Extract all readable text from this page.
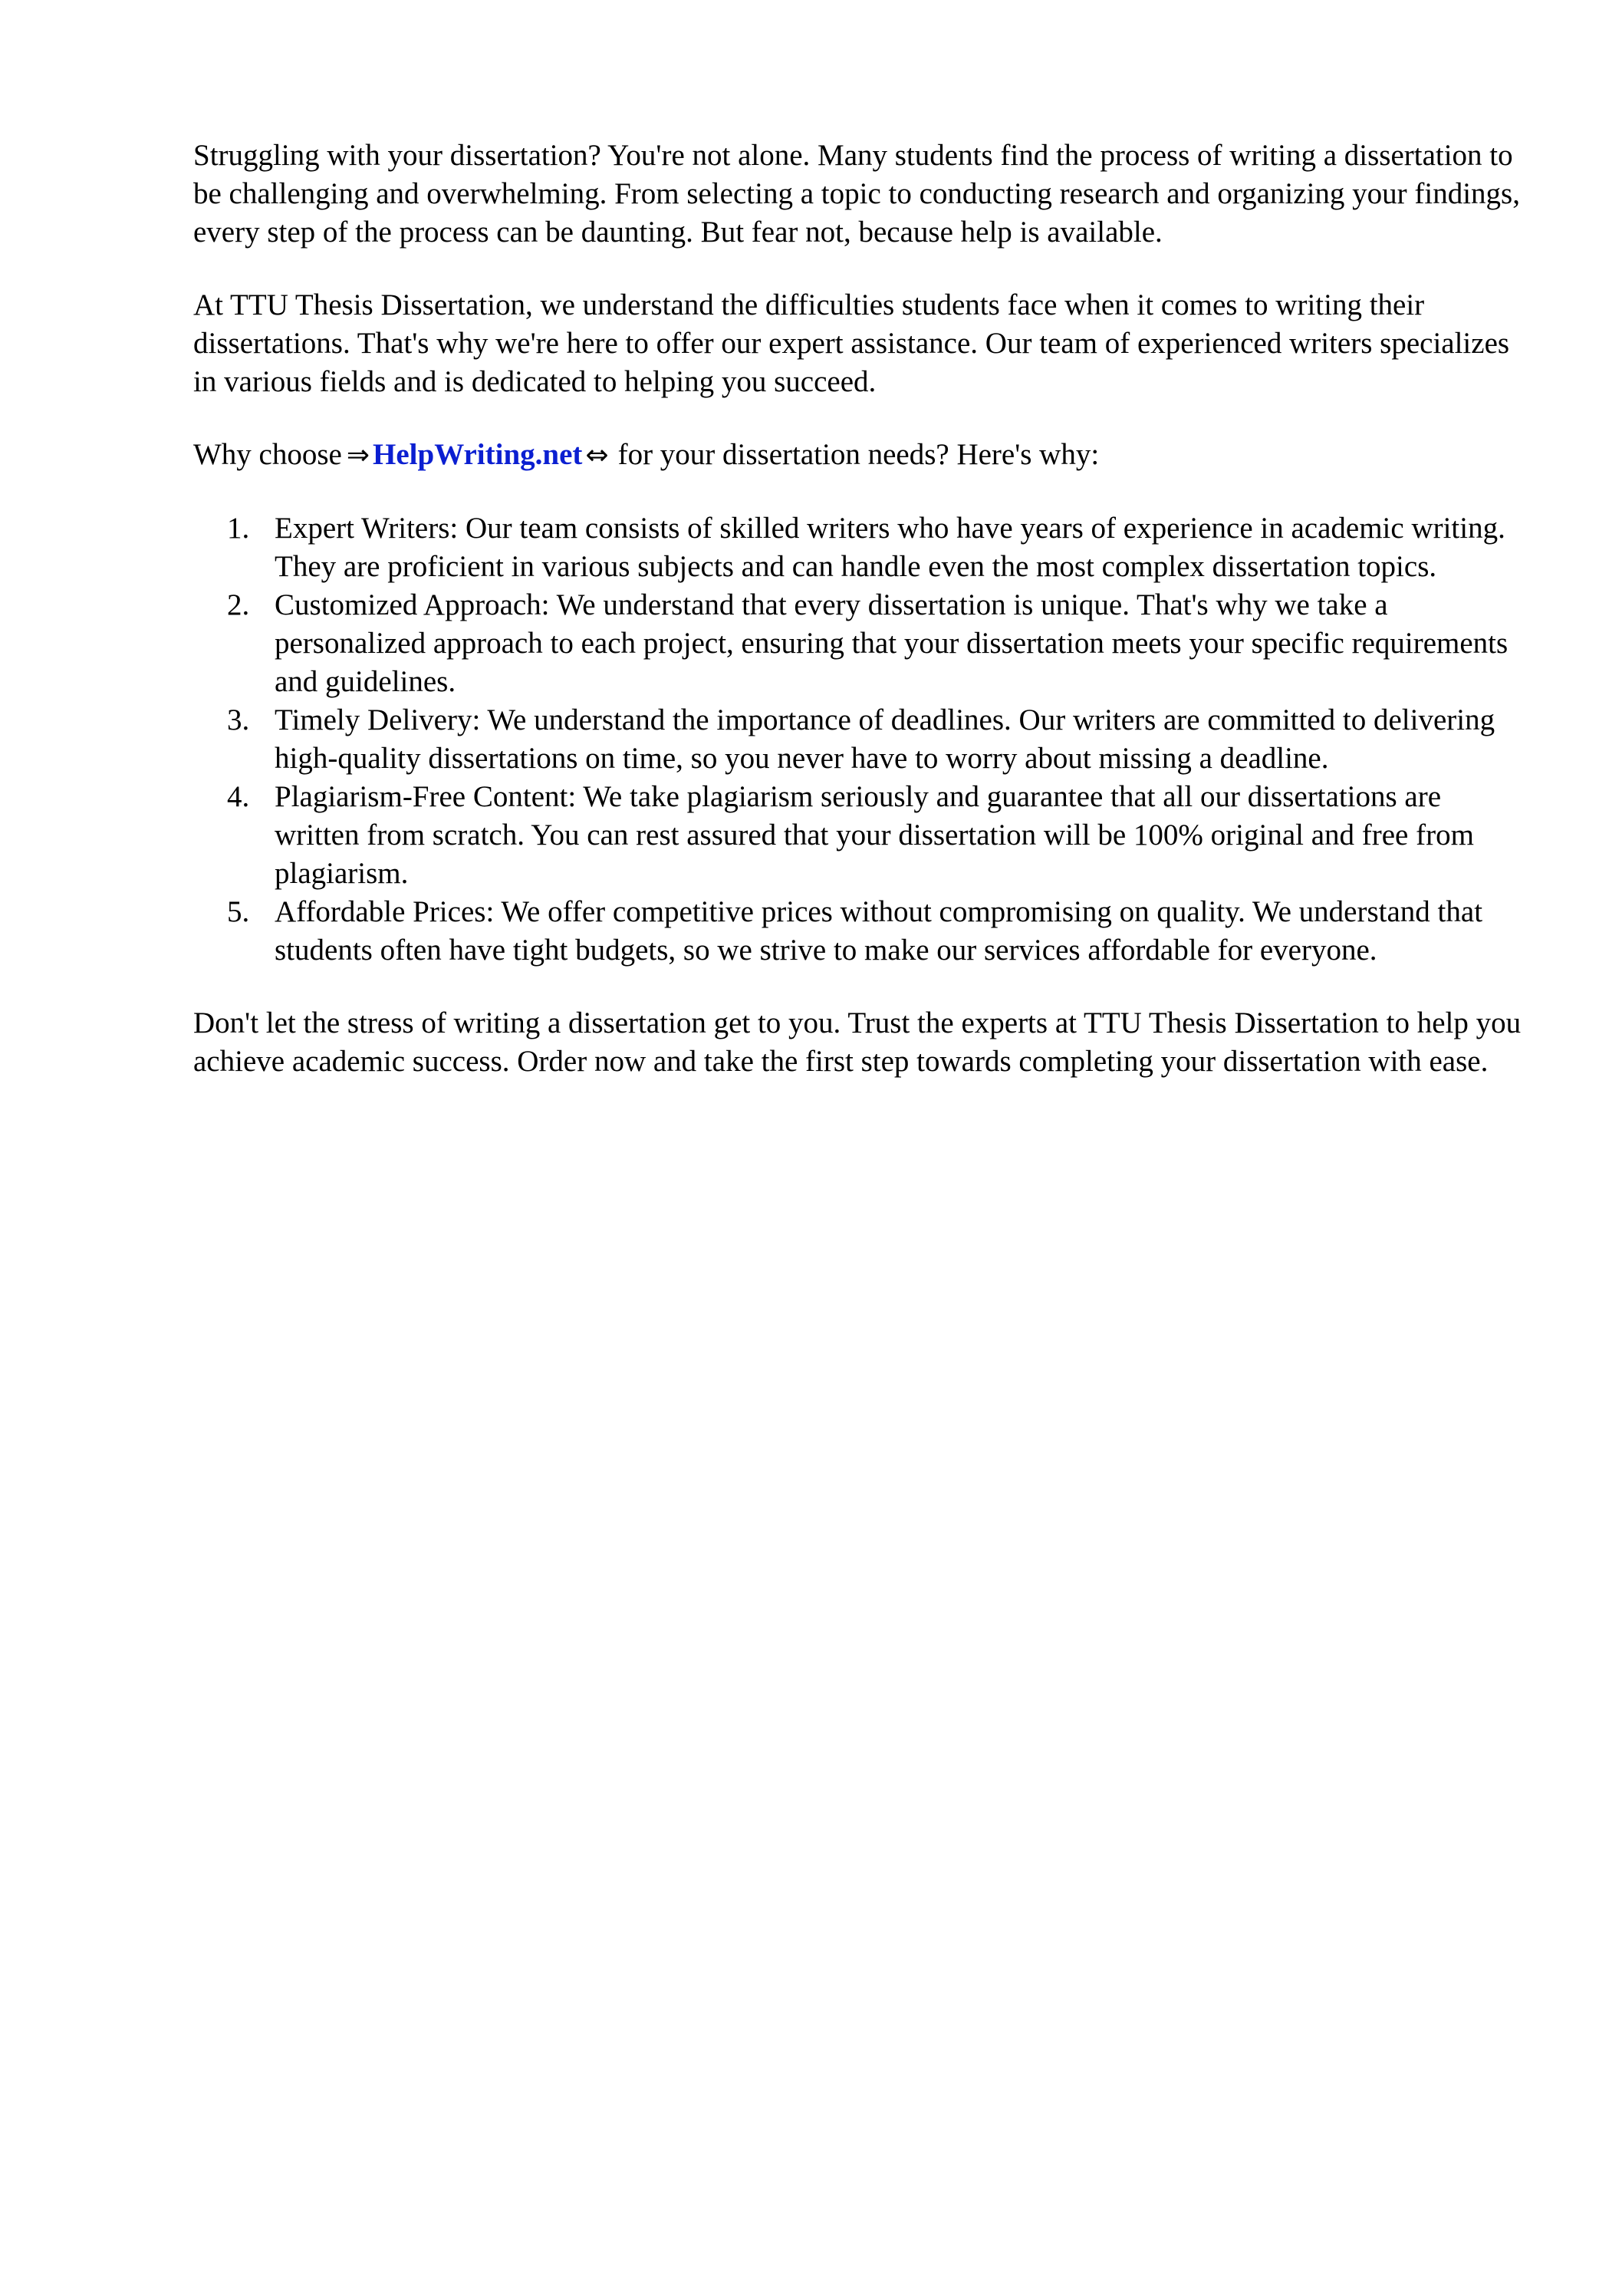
Struggling with your dissertation? You're not alone. Many students find the process of writing a dissertation to be challenging and overwhelming. From selecting a topic to conducting research and organizing your findings, every step of the process can be daunting. But fear not, because help is available.

At TTU Thesis Dissertation, we understand the difficulties students face when it comes to writing their dissertations. That's why we're here to offer our expert assistance. Our team of experienced writers specializes in various fields and is dedicated to helping you succeed.

Why choose ⇒ HelpWriting.net ⇔ for your dissertation needs? Here's why:
1. Expert Writers: Our team consists of skilled writers who have years of experience in academic writing. They are proficient in various subjects and can handle even the most complex dissertation topics.
2. Customized Approach: We understand that every dissertation is unique. That's why we take a personalized approach to each project, ensuring that your dissertation meets your specific requirements and guidelines.
3. Timely Delivery: We understand the importance of deadlines. Our writers are committed to delivering high-quality dissertations on time, so you never have to worry about missing a deadline.
4. Plagiarism-Free Content: We take plagiarism seriously and guarantee that all our dissertations are written from scratch. You can rest assured that your dissertation will be 100% original and free from plagiarism.
5. Affordable Prices: We offer competitive prices without compromising on quality. We understand that students often have tight budgets, so we strive to make our services affordable for everyone.

Don't let the stress of writing a dissertation get to you. Trust the experts at TTU Thesis Dissertation to help you achieve academic success. Order now and take the first step towards completing your dissertation with ease.
